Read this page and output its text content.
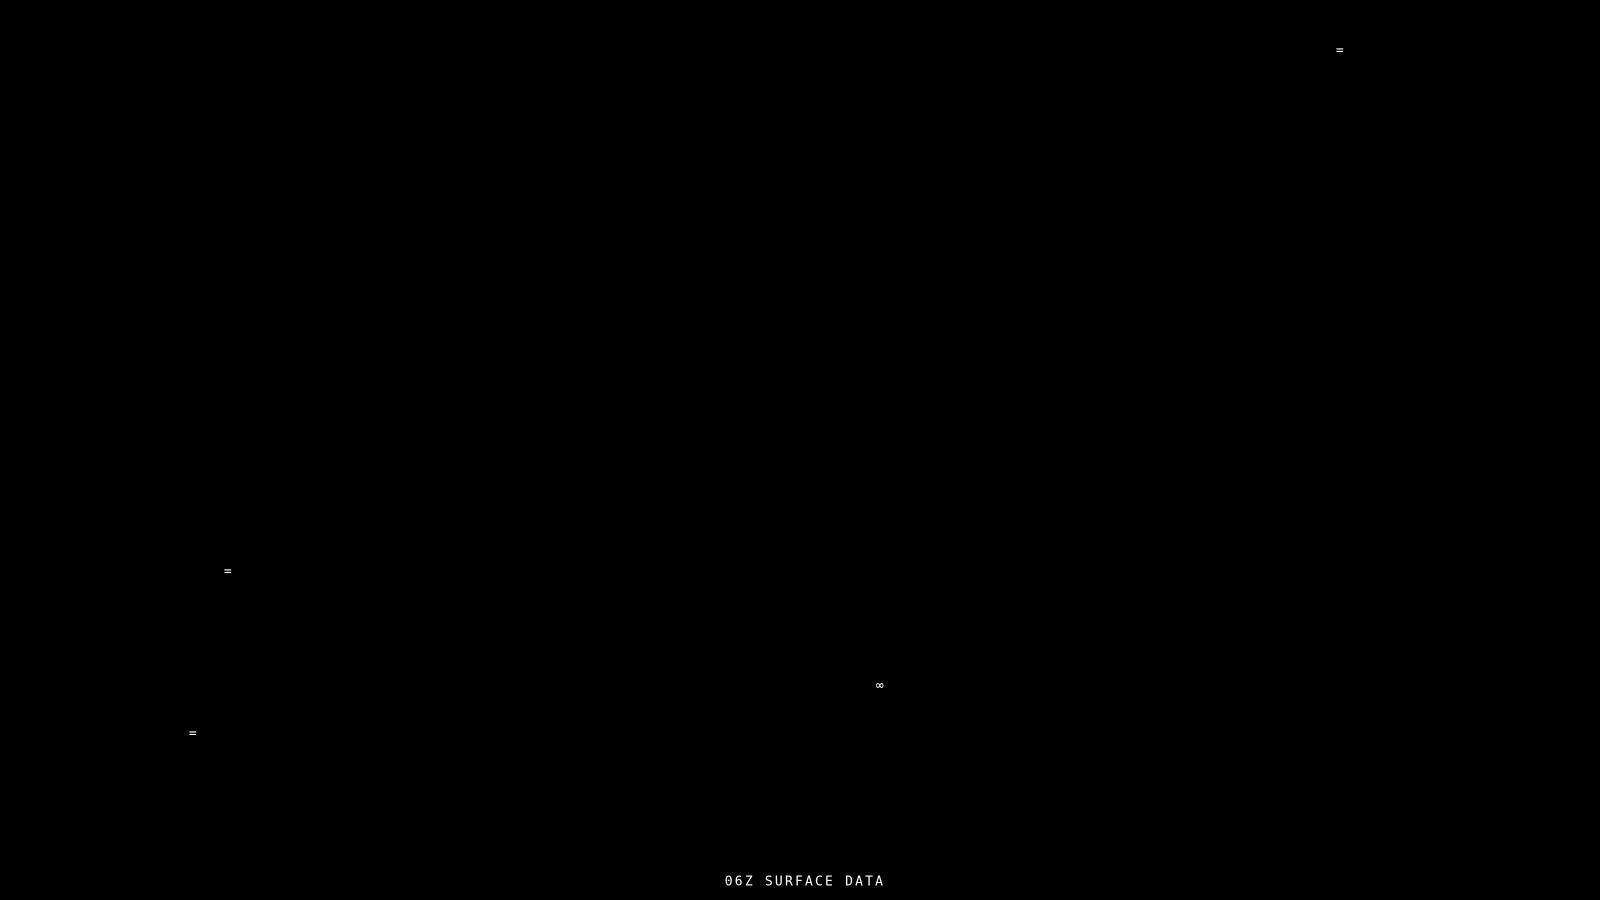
=
=
∞
=
06Z SURFACE DATA
